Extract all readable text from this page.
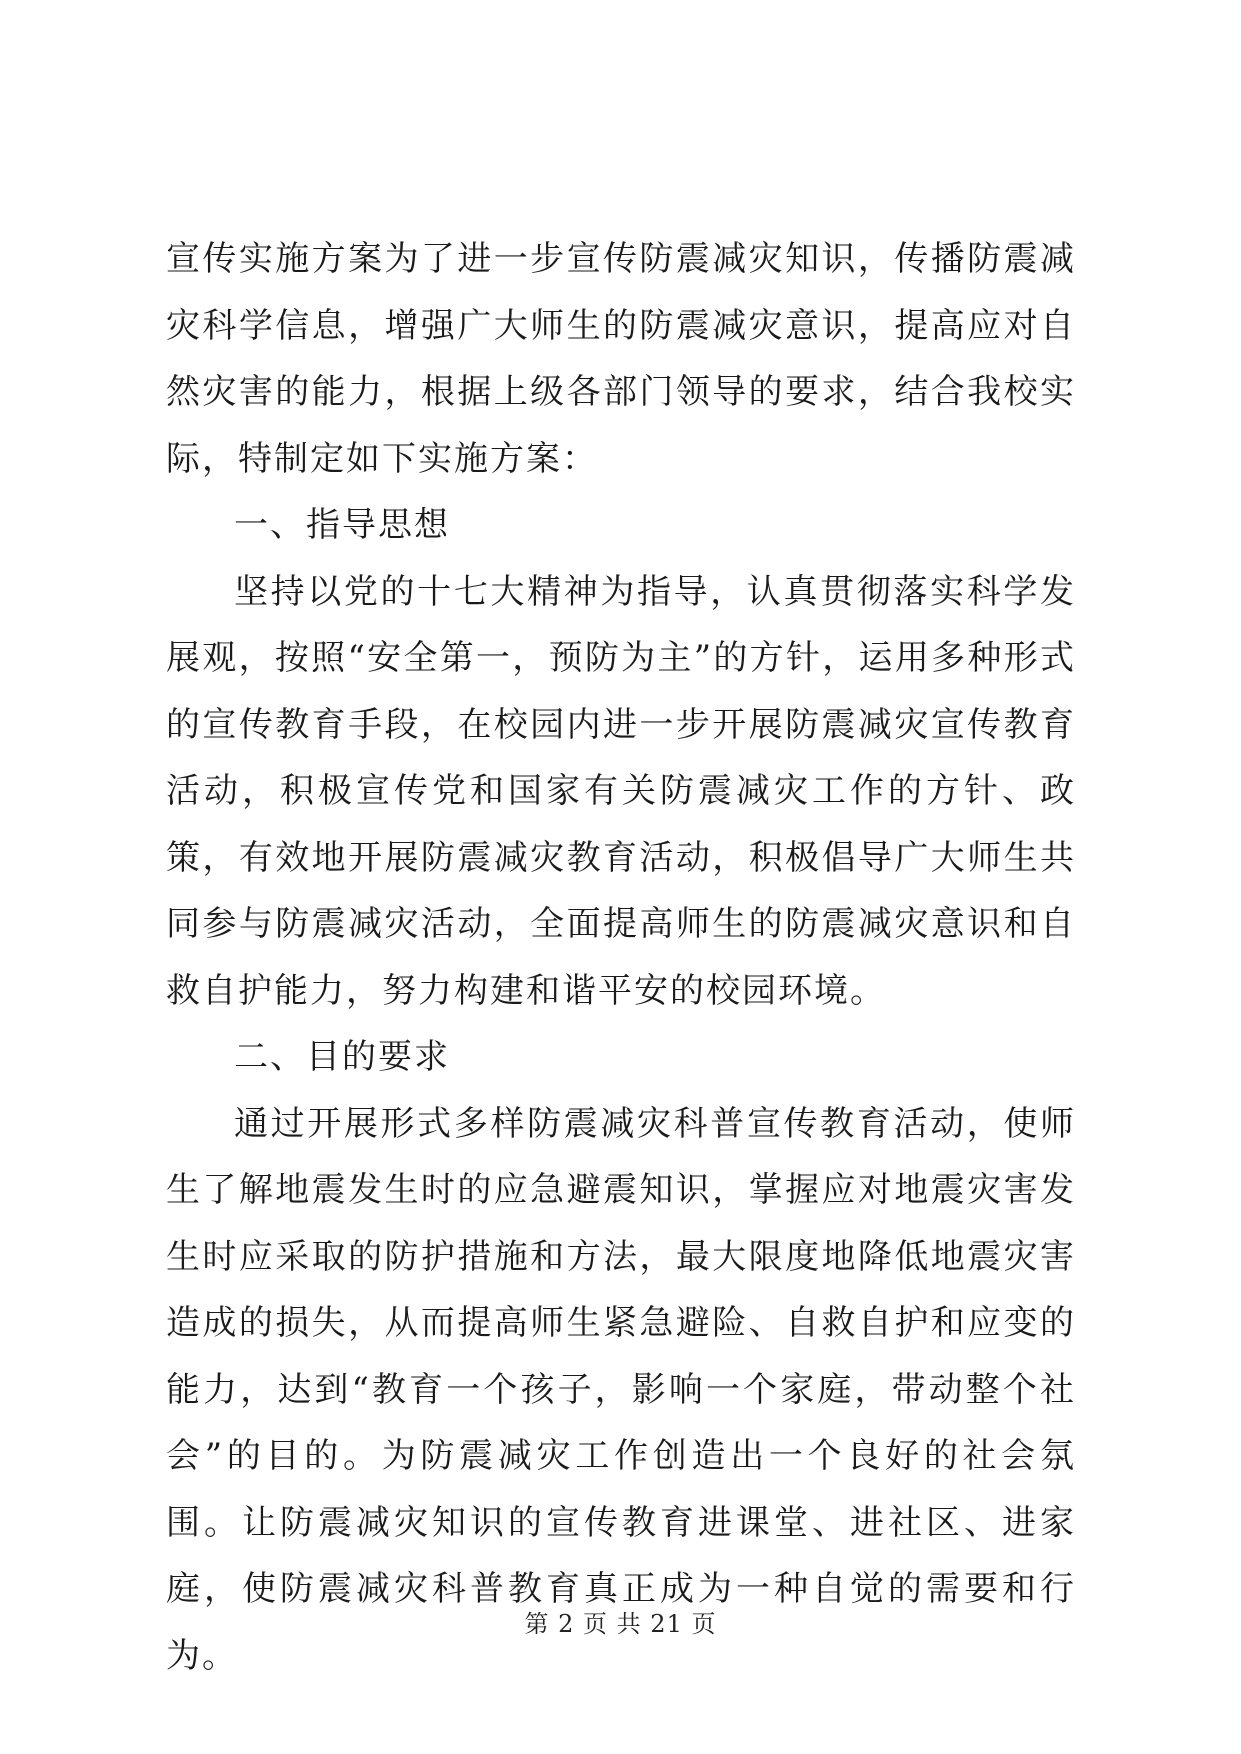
宣传实施方案为了进一步宣传防震减灾知识，传播防震减灾科学信息，增强广大师生的防震减灾意识，提高应对自然灾害的能力，根据上级各部门领导的要求，结合我校实际，特制定如下实施方案：

一、指导思想

坚持以党的十七大精神为指导，认真贯彻落实科学发展观，按照“安全第一，预防为主”的方针，运用多种形式的宣传教育手段，在校园内进一步开展防震减灾宣传教育活动，积极宣传党和国家有关防震减灾工作的方针、政策，有效地开展防震减灾教育活动，积极倡导广大师生共同参与防震减灾活动，全面提高师生的防震减灾意识和自救自护能力，努力构建和谐平安的校园环境。

二、目的要求

通过开展形式多样防震减灾科普宣传教育活动，使师生了解地震发生时的应急避震知识，掌握应对地震灾害发生时应采取的防护措施和方法，最大限度地降低地震灾害造成的损失，从而提高师生紧急避险、自救自护和应变的能力，达到“教育一个孩子，影响一个家庭，带动整个社会”的目的。为防震减灾工作创造出一个良好的社会氛围。让防震减灾知识的宣传教育进课堂、进社区、进家庭，使防震减灾科普教育真正成为一种自觉的需要和行为。

第 2 页 共 21 页
